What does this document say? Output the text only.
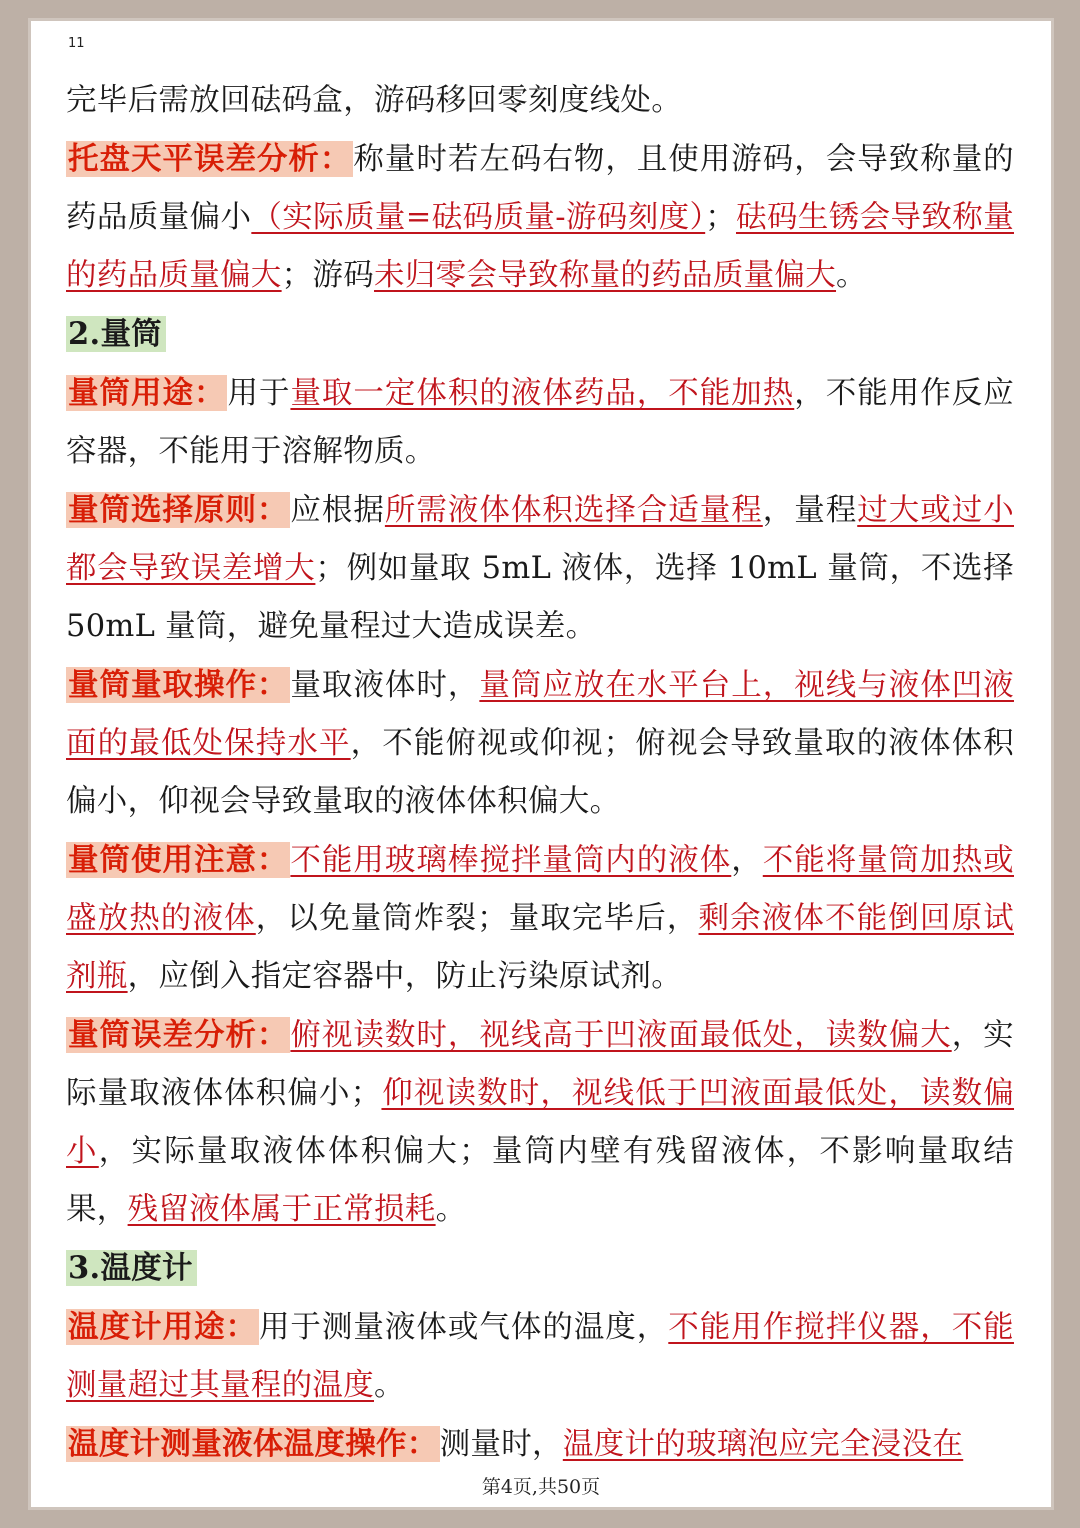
11

完毕后需放回砝码盒，游码移回零刻度线处。

托盘天平误差分析：称量时若左码右物，且使用游码，会导致称量的药品质量偏小（实际质量=砝码质量-游码刻度）；砝码生锈会导致称量的药品质量偏大；游码未归零会导致称量的药品质量偏大。

2.量筒

量筒用途：用于量取一定体积的液体药品，不能加热，不能用作反应容器，不能用于溶解物质。

量筒选择原则：应根据所需液体体积选择合适量程，量程过大或过小都会导致误差增大；例如量取 5mL 液体，选择 10mL 量筒，不选择 50mL 量筒，避免量程过大造成误差。

量筒量取操作：量取液体时，量筒应放在水平台上，视线与液体凹液面的最低处保持水平，不能俯视或仰视；俯视会导致量取的液体体积偏小，仰视会导致量取的液体体积偏大。

量筒使用注意：不能用玻璃棒搅拌量筒内的液体，不能将量筒加热或盛放热的液体，以免量筒炸裂；量取完毕后，剩余液体不能倒回原试剂瓶，应倒入指定容器中，防止污染原试剂。

量筒误差分析：俯视读数时，视线高于凹液面最低处，读数偏大，实际量取液体体积偏小；仰视读数时，视线低于凹液面最低处，读数偏小，实际量取液体体积偏大；量筒内壁有残留液体，不影响量取结果，残留液体属于正常损耗。

3.温度计

温度计用途：用于测量液体或气体的温度，不能用作搅拌仪器，不能测量超过其量程的温度。

温度计测量液体温度操作：测量时，温度计的玻璃泡应完全浸没在

第4页,共50页
